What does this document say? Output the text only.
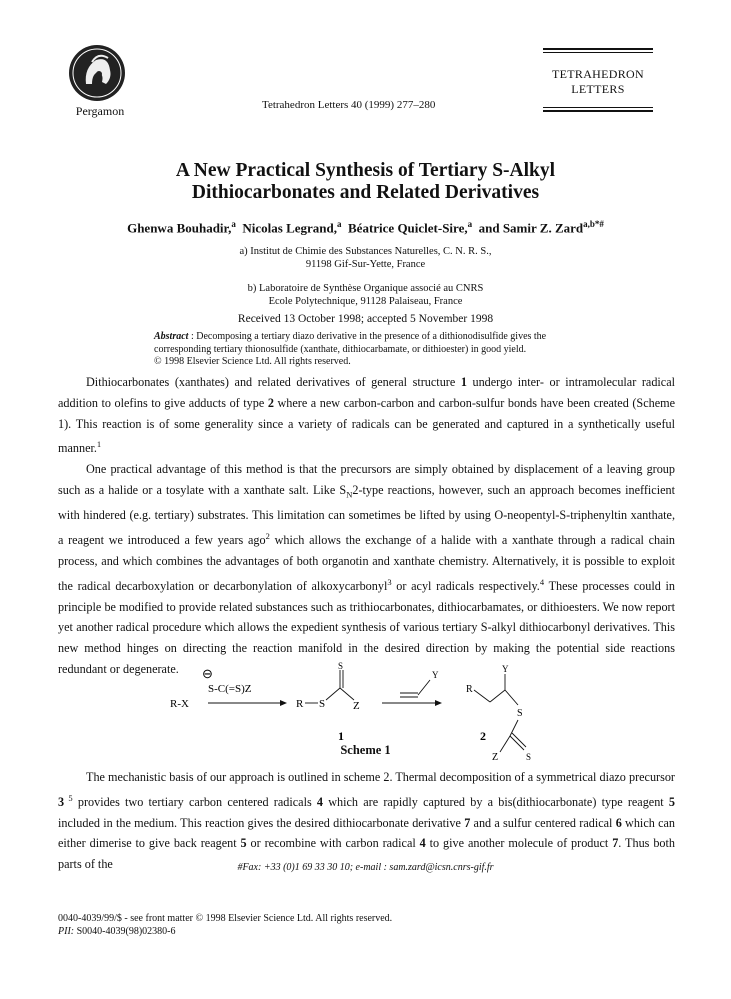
Pergamon	Tetrahedron Letters 40 (1999) 277–280
TETRAHEDRON
LETTERS
A New Practical Synthesis of Tertiary S-Alkyl
Dithiocarbonates and Related Derivatives
Ghenwa Bouhadir,$^a$ Nicolas Legrand,$^a$ Béatrice Quiclet-Sire,$^a$ and Samir Z. Zard$^{a,b*\#}$
a) Institut de Chimie des Substances Naturelles, C. N. R. S.,
91198 Gif-Sur-Yette, France
b) Laboratoire de Synthèse Organique associé au CNRS
Ecole Polytechnique, 91128 Palaiseau, France
Received 13 October 1998; accepted 5 November 1998
Abstract : Decomposing a tertiary diazo derivative in the presence of a dithionodisulfide gives the corresponding tertiary thionosulfide (xanthate, dithiocarbamate, or dithioester) in good yield.
© 1998 Elsevier Science Ltd. All rights reserved.

Dithiocarbonates (xanthates) and related derivatives of general structure 1 undergo inter- or intramolecular radical addition to olefins to give adducts of type 2 where a new carbon-carbon and carbon-sulfur bonds have been created (Scheme 1). This reaction is of some generality since a variety of radicals can be generated and captured in a synthetically useful manner.$^1$

One practical advantage of this method is that the precursors are simply obtained by displacement of a leaving group such as a halide or a tosylate with a xanthate salt. Like $S_N2$-type reactions, however, such an approach becomes inefficient with hindered (e.g. tertiary) substrates. This limitation can sometimes be lifted by using O-neopentyl-S-triphenyltin xanthate, a reagent we introduced a few years ago$^2$ which allows the exchange of a halide with a xanthate through a radical chain process, and which combines the advantages of both organotin and xanthate chemistry. Alternatively, it is possible to exploit the radical decarboxylation or decarbonylation of alkoxycarbonyl$^3$ or acyl radicals respectively.$^4$ These processes could in principle be modified to provide related substances such as trithiocarbonates, dithiocarbamates, or dithioesters. We now report yet another radical procedure which allows the expedient synthesis of various tertiary S-alkyl dithiocarbonyl derivatives. This new method hinges on directing the reaction manifold in the desired direction by making the potential side reactions redundant or degenerate.	⊖
S-C(=S)Z
R-X	R S
S
Z
1
Y
R
Y
S
Z	S
2
Scheme 1

The mechanistic basis of our approach is outlined in scheme 2. Thermal decomposition of a symmetrical diazo precursor 3 $^5$ provides two tertiary carbon centered radicals 4 which are rapidly captured by a bis(dithiocarbonate) type reagent 5 included in the medium. This reaction gives the desired dithiocarbonate derivative 7 and a sulfur centered radical 6 which can either dimerise to give back reagent 5 or recombine with carbon radical 4 to give another molecule of product 7. Thus both parts of the	#Fax: +33 (0)1 69 33 30 10; e-mail : sam.zard@icsn.cnrs-gif.fr
0040-4039/99/$ - see front matter © 1998 Elsevier Science Ltd. All rights reserved.
PII: S0040-4039(98)02380-6
